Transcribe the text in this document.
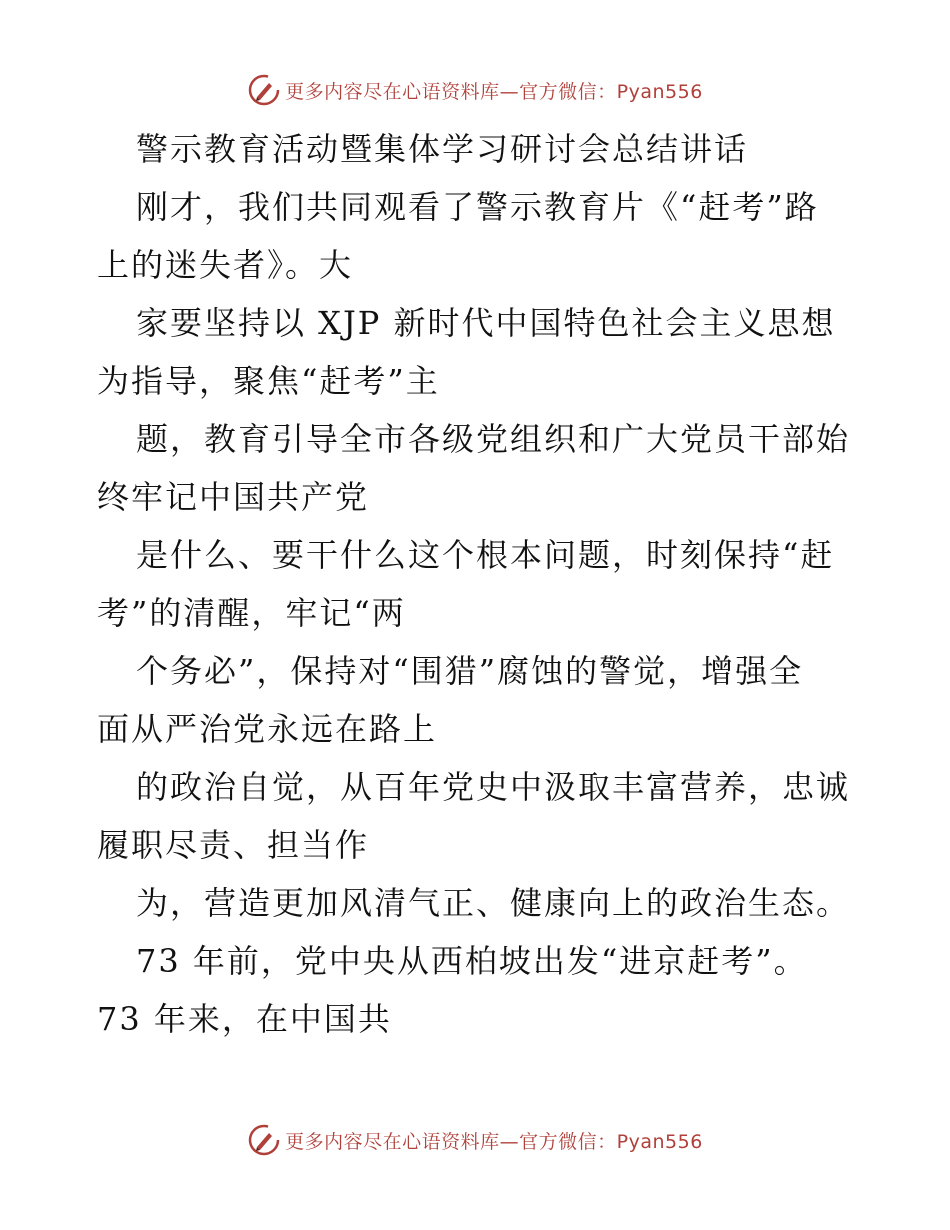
更多内容尽在心语资料库—官方微信：Pyan556
警示教育活动暨集体学习研讨会总结讲话
刚才，我们共同观看了警示教育片《“赶考”路
上的迷失者》。大
家要坚持以 XJP 新时代中国特色社会主义思想
为指导，聚焦“赶考”主
题，教育引导全市各级党组织和广大党员干部始
终牢记中国共产党
是什么、要干什么这个根本问题，时刻保持“赶
考”的清醒，牢记“两
个务必”，保持对“围猎”腐蚀的警觉，增强全
面从严治党永远在路上
的政治自觉，从百年党史中汲取丰富营养，忠诚
履职尽责、担当作
为，营造更加风清气正、健康向上的政治生态。
73 年前，党中央从西柏坡出发“进京赶考”。
73 年来，在中国共
更多内容尽在心语资料库—官方微信：Pyan556
